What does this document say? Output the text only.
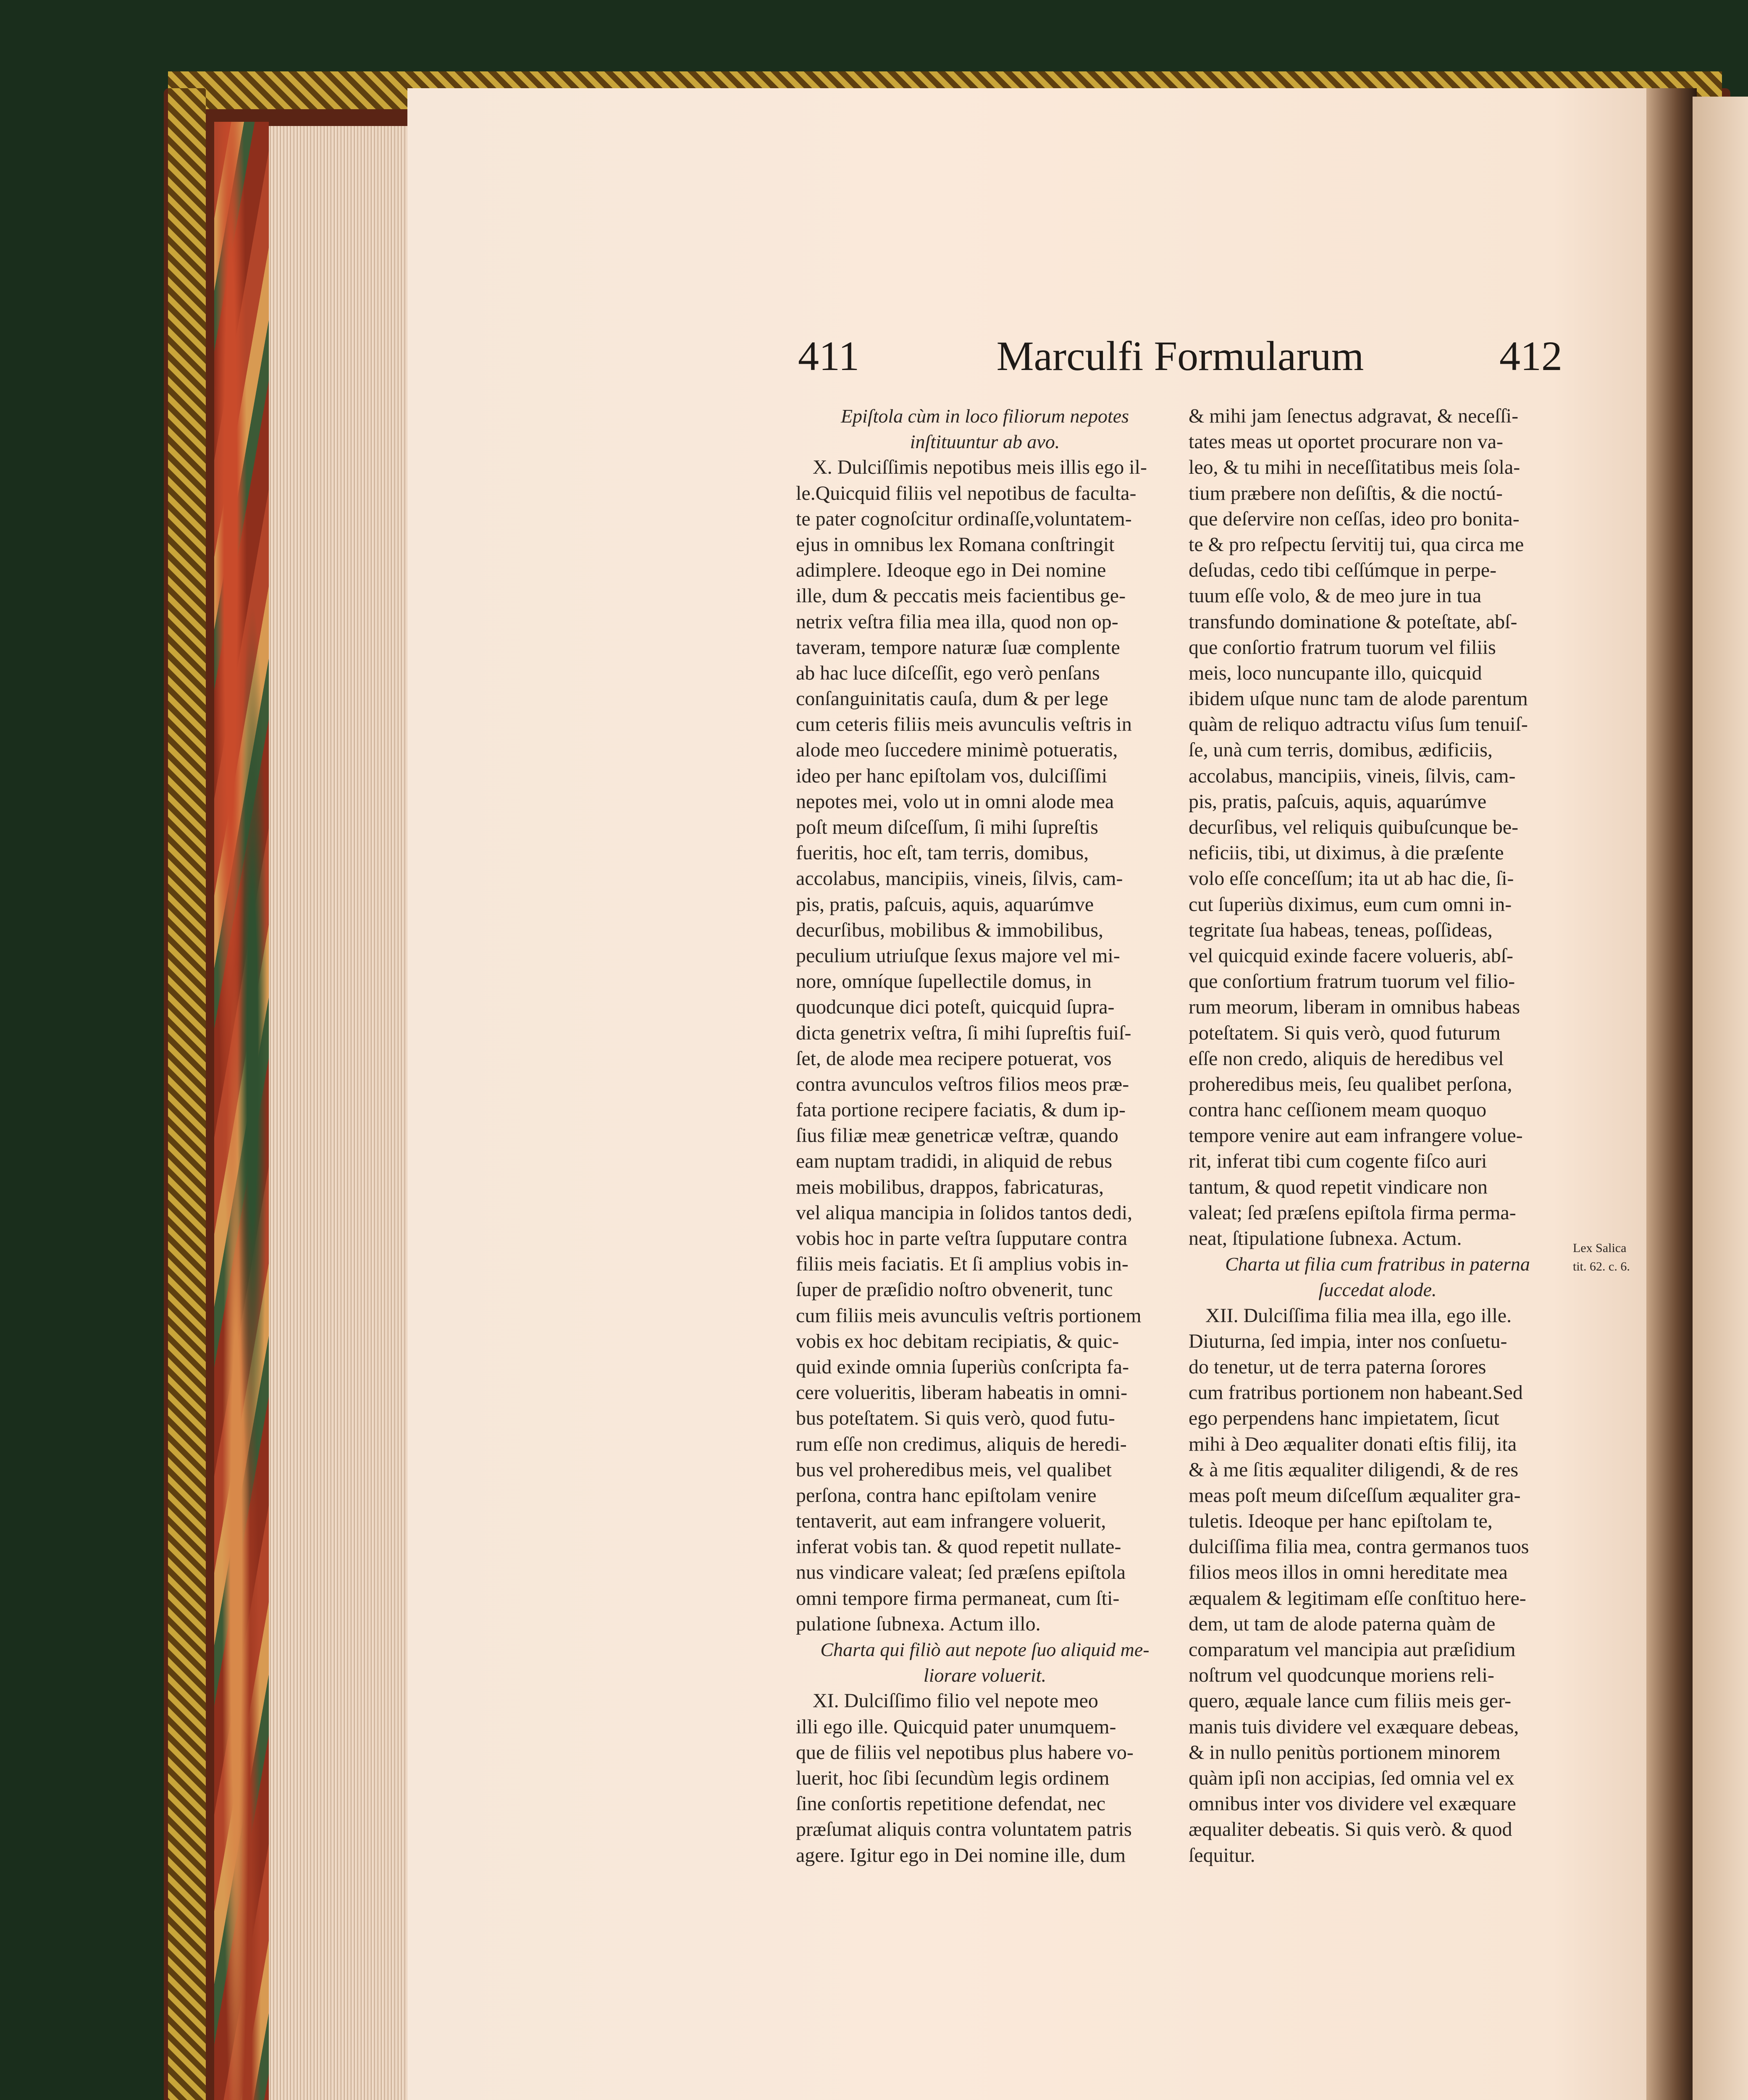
411	Marculfi Formularum	412
Epiſtola cùm in loco filiorum nepotes
inſtituuntur ab avo.
X. Dulciſſimis nepotibus meis illis ego il-
le.Quicquid filiis vel nepotibus de faculta-
te pater cognoſcitur ordinaſſe,voluntatem-
ejus in omnibus lex Romana conſtringit
adimplere. Ideoque ego in Dei nomine
ille, dum & peccatis meis facientibus ge-
netrix veſtra filia mea illa, quod non op-
taveram, tempore naturæ ſuæ complente
ab hac luce diſceſſit, ego verò penſans
conſanguinitatis cauſa, dum & per lege
cum ceteris filiis meis avunculis veſtris in
alode meo ſuccedere minimè potueratis,
ideo per hanc epiſtolam vos, dulciſſimi
nepotes mei, volo ut in omni alode mea
poſt meum diſceſſum, ſi mihi ſupreſtis
fueritis, hoc eſt, tam terris, domibus,
accolabus, mancipiis, vineis, ſilvis, cam-
pis, pratis, paſcuis, aquis, aquarúmve
decurſibus, mobilibus & immobilibus,
peculium utriuſque ſexus majore vel mi-
nore, omníque ſupellectile domus, in
quodcunque dici poteſt, quicquid ſupra-
dicta genetrix veſtra, ſi mihi ſupreſtis fuiſ-
ſet, de alode mea recipere potuerat, vos
contra avunculos veſtros filios meos præ-
fata portione recipere faciatis, & dum ip-
ſius filiæ meæ genetricæ veſtræ, quando
eam nuptam tradidi, in aliquid de rebus
meis mobilibus, drappos, fabricaturas,
vel aliqua mancipia in ſolidos tantos dedi,
vobis hoc in parte veſtra ſupputare contra
filiis meis faciatis. Et ſi amplius vobis in-
ſuper de præſidio noſtro obvenerit, tunc
cum filiis meis avunculis veſtris portionem
vobis ex hoc debitam recipiatis, & quic-
quid exinde omnia ſuperiùs conſcripta fa-
cere volueritis, liberam habeatis in omni-
bus poteſtatem. Si quis verò, quod futu-
rum eſſe non credimus, aliquis de heredi-
bus vel proheredibus meis, vel qualibet
perſona, contra hanc epiſtolam venire
tentaverit, aut eam infrangere voluerit,
inferat vobis tan. & quod repetit nullate-
nus vindicare valeat; ſed præſens epiſtola
omni tempore firma permaneat, cum ſti-
pulatione ſubnexa. Actum illo.
Charta qui filiò aut nepote ſuo aliquid me-
liorare voluerit.
XI. Dulciſſimo filio vel nepote meo
illi ego ille. Quicquid pater unumquem-
que de filiis vel nepotibus plus habere vo-
luerit, hoc ſibi ſecundùm legis ordinem
ſine conſortis repetitione defendat, nec
præſumat aliquis contra voluntatem patris
agere. Igitur ego in Dei nomine ille, dum
& mihi jam ſenectus adgravat, & neceſſi-
tates meas ut oportet procurare non va-
leo, & tu mihi in neceſſitatibus meis ſola-
tium præbere non deſiſtis, & die noctú-
que deſervire non ceſſas, ideo pro bonita-
te & pro reſpectu ſervitij tui, qua circa me
deſudas, cedo tibi ceſſúmque in perpe-
tuum eſſe volo, & de meo jure in tua
transfundo dominatione & poteſtate, abſ-
que conſortio fratrum tuorum vel filiis
meis, loco nuncupante illo, quicquid
ibidem uſque nunc tam de alode parentum
quàm de reliquo adtractu viſus ſum tenuiſ-
ſe, unà cum terris, domibus, ædificiis,
accolabus, mancipiis, vineis, ſilvis, cam-
pis, pratis, paſcuis, aquis, aquarúmve
decurſibus, vel reliquis quibuſcunque be-
neficiis, tibi, ut diximus, à die præſente
volo eſſe conceſſum; ita ut ab hac die, ſi-
cut ſuperiùs diximus, eum cum omni in-
tegritate ſua habeas, teneas, poſſideas,
vel quicquid exinde facere volueris, abſ-
que conſortium fratrum tuorum vel filio-
rum meorum, liberam in omnibus habeas
poteſtatem. Si quis verò, quod futurum
eſſe non credo, aliquis de heredibus vel
proheredibus meis, ſeu qualibet perſona,
contra hanc ceſſionem meam quoquo
tempore venire aut eam infrangere volue-
rit, inferat tibi cum cogente fiſco auri
tantum, & quod repetit vindicare non
valeat; ſed præſens epiſtola firma perma-
neat, ſtipulatione ſubnexa. Actum.
Charta ut filia cum fratribus in paterna
ſuccedat alode.
XII. Dulciſſima filia mea illa, ego ille.
Diuturna, ſed impia, inter nos conſuetu-
do tenetur, ut de terra paterna ſorores
cum fratribus portionem non habeant.Sed
ego perpendens hanc impietatem, ſicut
mihi à Deo æqualiter donati eſtis filij, ita
& à me ſitis æqualiter diligendi, & de res
meas poſt meum diſceſſum æqualiter gra-
tuletis. Ideoque per hanc epiſtolam te,
dulciſſima filia mea, contra germanos tuos
filios meos illos in omni hereditate mea
æqualem & legitimam eſſe conſtituo here-
dem, ut tam de alode paterna quàm de
comparatum vel mancipia aut præſidium
noſtrum vel quodcunque moriens reli-
quero, æquale lance cum filiis meis ger-
manis tuis dividere vel exæquare debeas,
& in nullo penitùs portionem minorem
quàm ipſi non accipias, ſed omnia vel ex
omnibus inter vos dividere vel exæquare
æqualiter debeatis. Si quis verò. & quod
ſequitur.
Lex Salica
tit. 62. c. 6.
